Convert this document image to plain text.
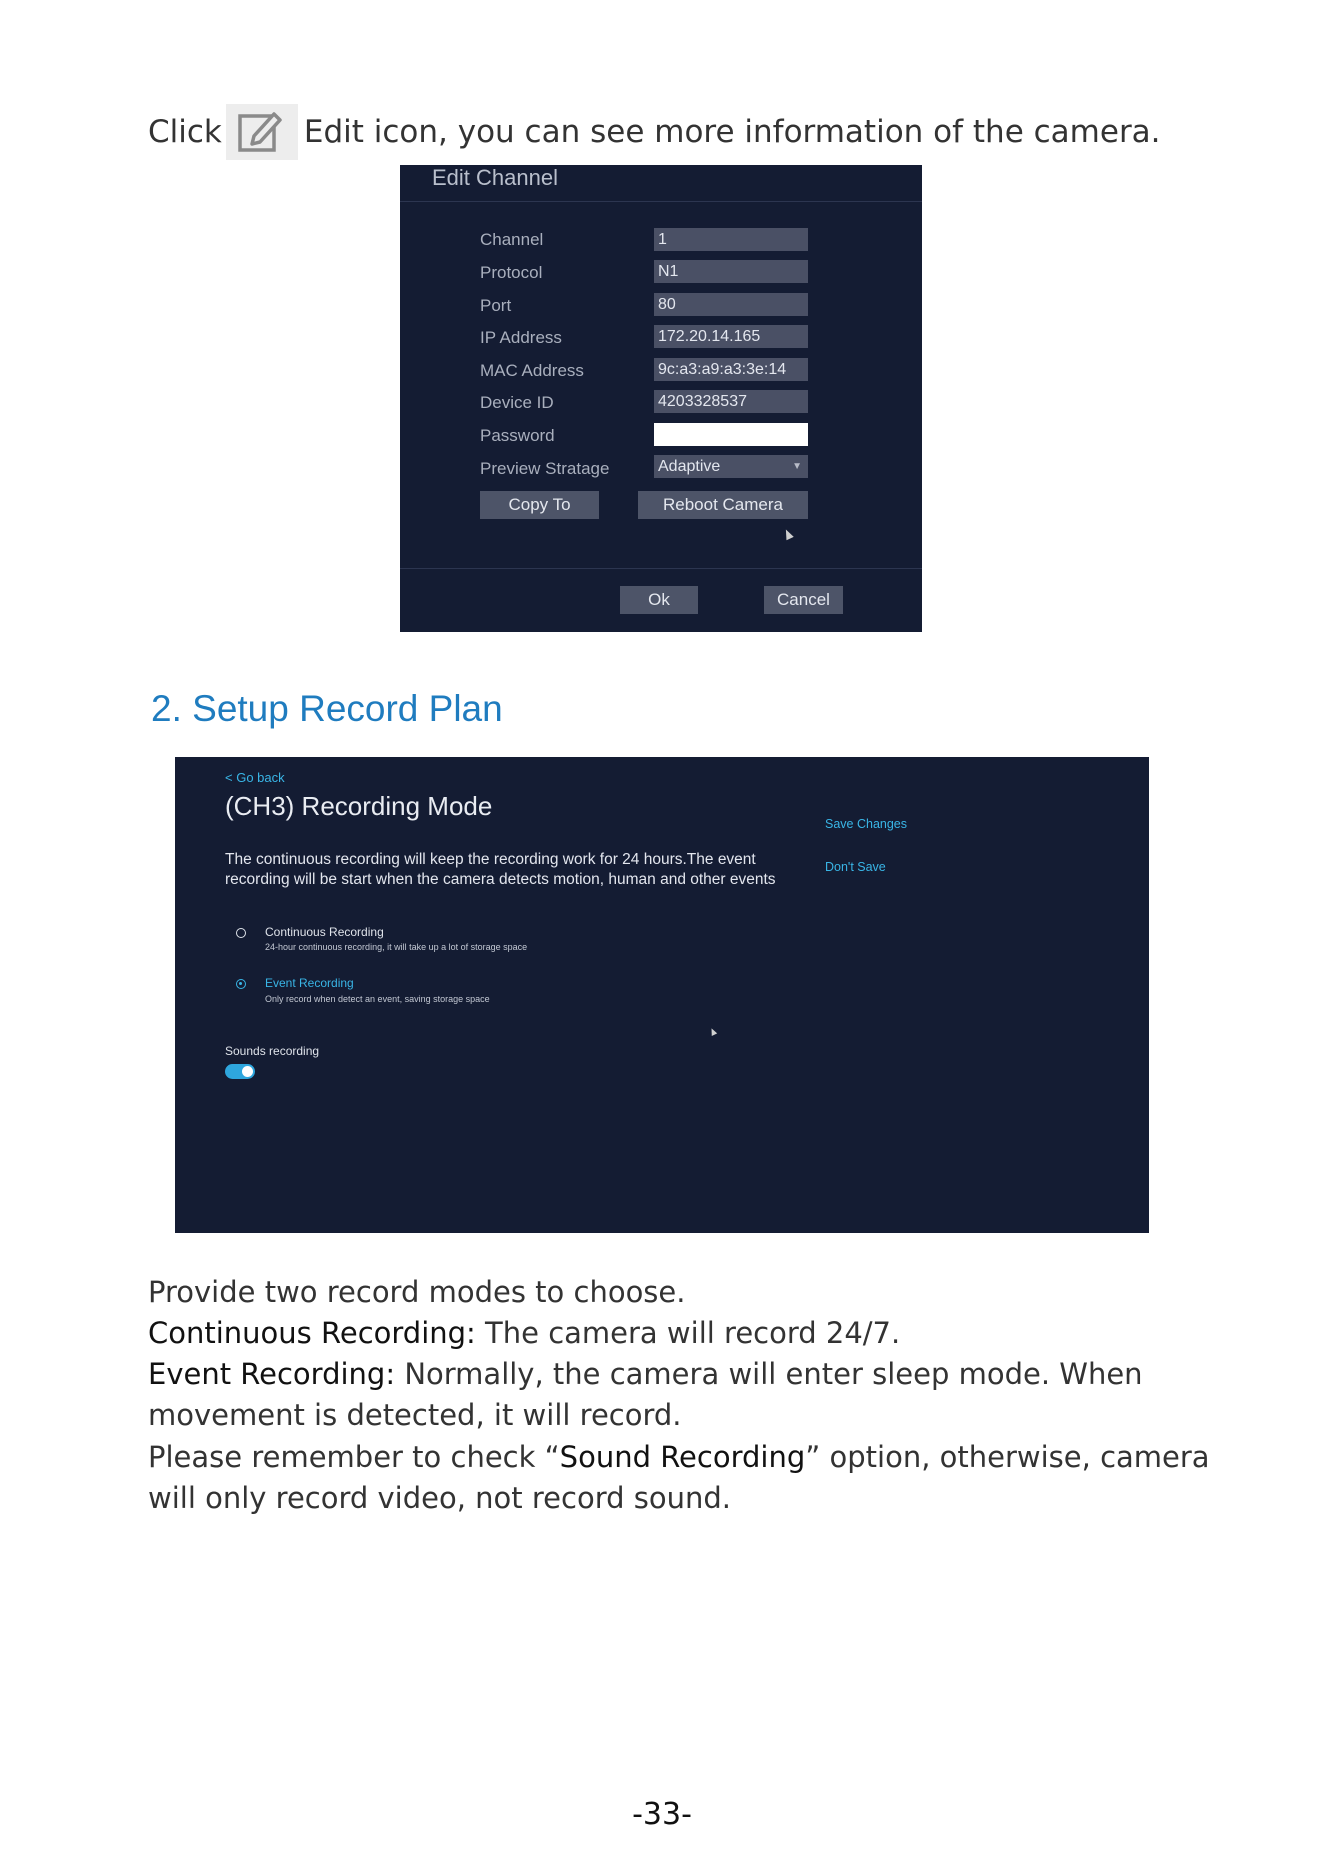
Click	Edit icon, you can see more information of the camera.
Edit Channel
Channel	1
Protocol	N1
Port	80
IP Address	172.20.14.165
MAC Address	9c:a3:a9:a3:3e:14
Device ID	4203328537
Password
Preview Stratage	Adaptive	▼
Copy To	Reboot Camera
Ok	Cancel
2. Setup Record Plan
< Go back
(CH3) Recording Mode
The continuous recording will keep the recording work for 24 hours.The event recording will be start when the camera detects motion, human and other events
Save Changes
Don't Save
Continuous Recording
24-hour continuous recording, it will take up a lot of storage space
Event Recording
Only record when detect an event, saving storage space
Sounds recording
Provide two record modes to choose.
Continuous Recording: The camera will record 24/7.
Event Recording: Normally, the camera will enter sleep mode. When
movement is detected, it will record.
Please remember to check “Sound Recording” option, otherwise, camera
will only record video, not record sound.
-33-
